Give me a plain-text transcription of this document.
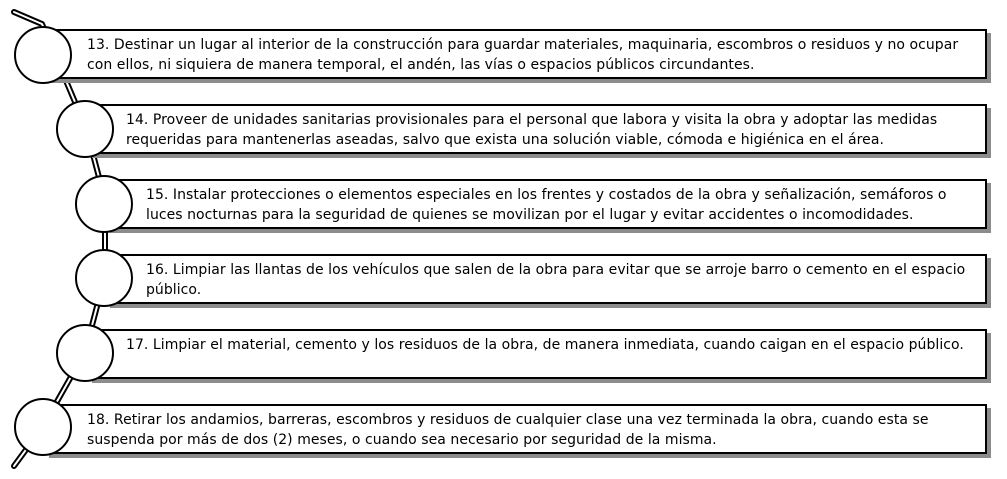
13. Destinar un lugar al interior de la construcción para guardar materiales, maquinaria, escombros o residuos y no ocupar con ellos, ni siquiera de manera temporal, el andén, las vías o espacios públicos circundantes.
14. Proveer de unidades sanitarias provisionales para el personal que labora y visita la obra y adoptar las medidas requeridas para mantenerlas aseadas, salvo que exista una solución viable, cómoda e higiénica en el área.
15. Instalar protecciones o elementos especiales en los frentes y costados de la obra y señalización, semáforos o luces nocturnas para la seguridad de quienes se movilizan por el lugar y evitar accidentes o incomodidades.
16. Limpiar las llantas de los vehículos que salen de la obra para evitar que se arroje barro o cemento en el espacio público.
17. Limpiar el material, cemento y los residuos de la obra, de manera inmediata, cuando caigan en el espacio público.
18. Retirar los andamios, barreras, escombros y residuos de cualquier clase una vez terminada la obra, cuando esta se suspenda por más de dos (2) meses, o cuando sea necesario por seguridad de la misma.
